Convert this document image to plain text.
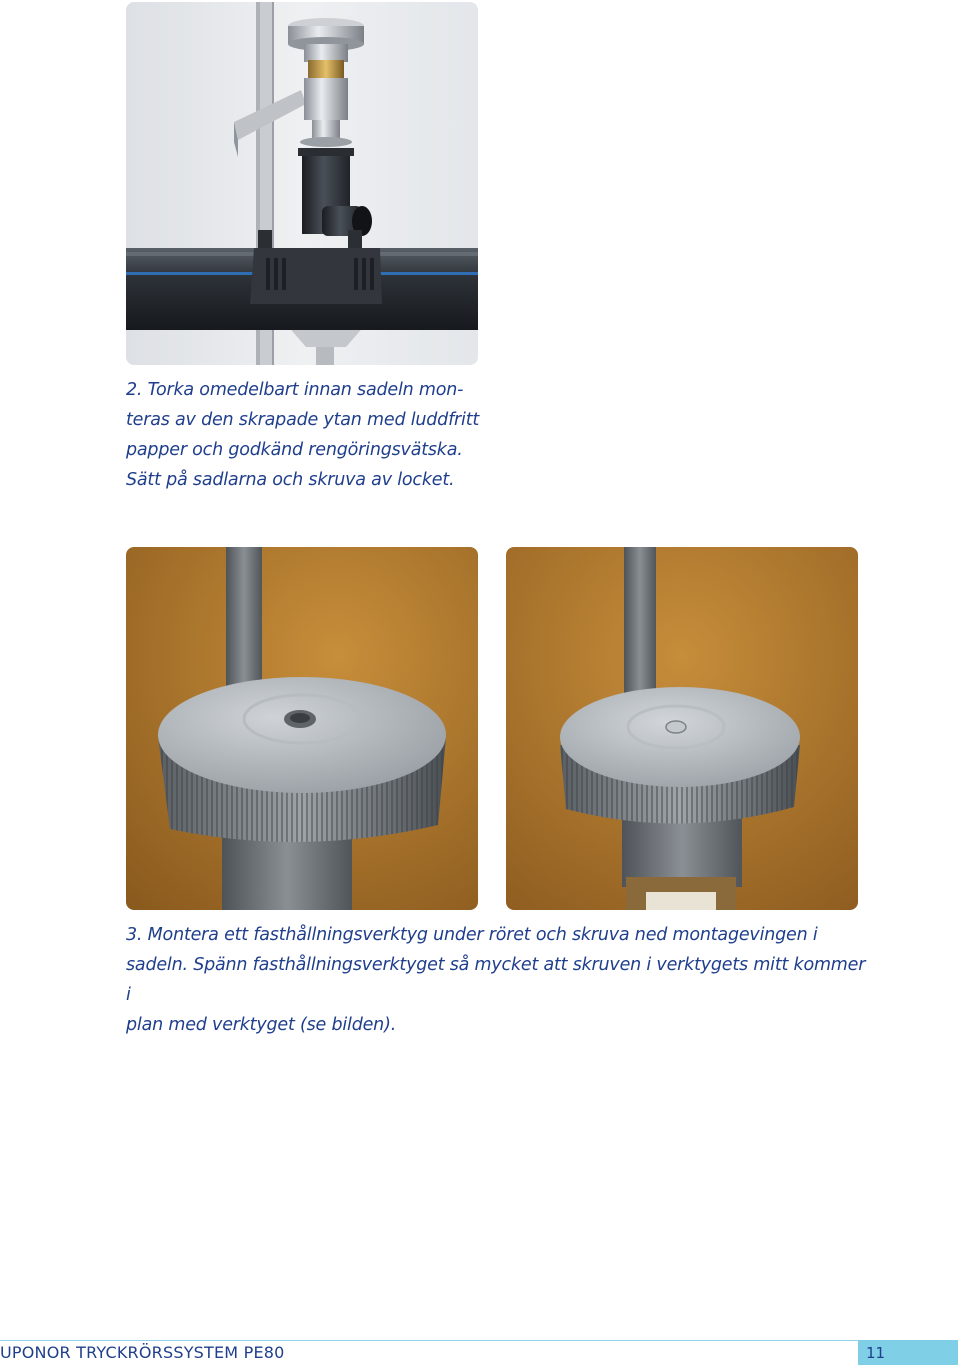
2. Torka omedelbart innan sadeln mon-

teras av den skrapade ytan med luddfritt

papper och godkänd rengöringsvätska.

Sätt på sadlarna och skruva av locket.

3. Montera ett fasthållningsverktyg under röret och skruva ned montagevingen i

sadeln. Spänn fasthållningsverktyget så mycket att skruven i verktygets mitt kommer i

plan med verktyget (se bilden).

UPONOR TRYCKRÖRSSYSTEM PE80	11
